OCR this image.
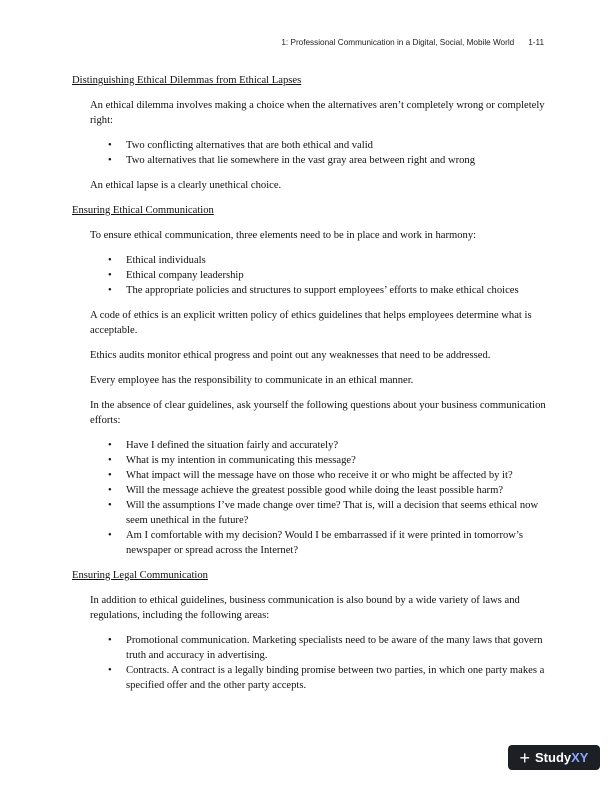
1: Professional Communication in a Digital, Social, Mobile World 1-11
Distinguishing Ethical Dilemmas from Ethical Lapses

An ethical dilemma involves making a choice when the alternatives aren’t completely wrong or completely right:

• Two conflicting alternatives that are both ethical and valid
• Two alternatives that lie somewhere in the vast gray area between right and wrong

An ethical lapse is a clearly unethical choice.

Ensuring Ethical Communication

To ensure ethical communication, three elements need to be in place and work in harmony:

• Ethical individuals
• Ethical company leadership
• The appropriate policies and structures to support employees’ efforts to make ethical choices

A code of ethics is an explicit written policy of ethics guidelines that helps employees determine what is acceptable.

Ethics audits monitor ethical progress and point out any weaknesses that need to be addressed.

Every employee has the responsibility to communicate in an ethical manner.

In the absence of clear guidelines, ask yourself the following questions about your business communication efforts:

• Have I defined the situation fairly and accurately?
• What is my intention in communicating this message?
• What impact will the message have on those who receive it or who might be affected by it?
• Will the message achieve the greatest possible good while doing the least possible harm?
• Will the assumptions I’ve made change over time? That is, will a decision that seems ethical now seem unethical in the future?
• Am I comfortable with my decision? Would I be embarrassed if it were printed in tomorrow’s newspaper or spread across the Internet?
Ensuring Legal Communication

In addition to ethical guidelines, business communication is also bound by a wide variety of laws and regulations, including the following areas:

• Promotional communication. Marketing specialists need to be aware of the many laws that govern truth and accuracy in advertising.
• Contracts. A contract is a legally binding promise between two parties, in which one party makes a specified offer and the other party accepts.
+ Study XY
